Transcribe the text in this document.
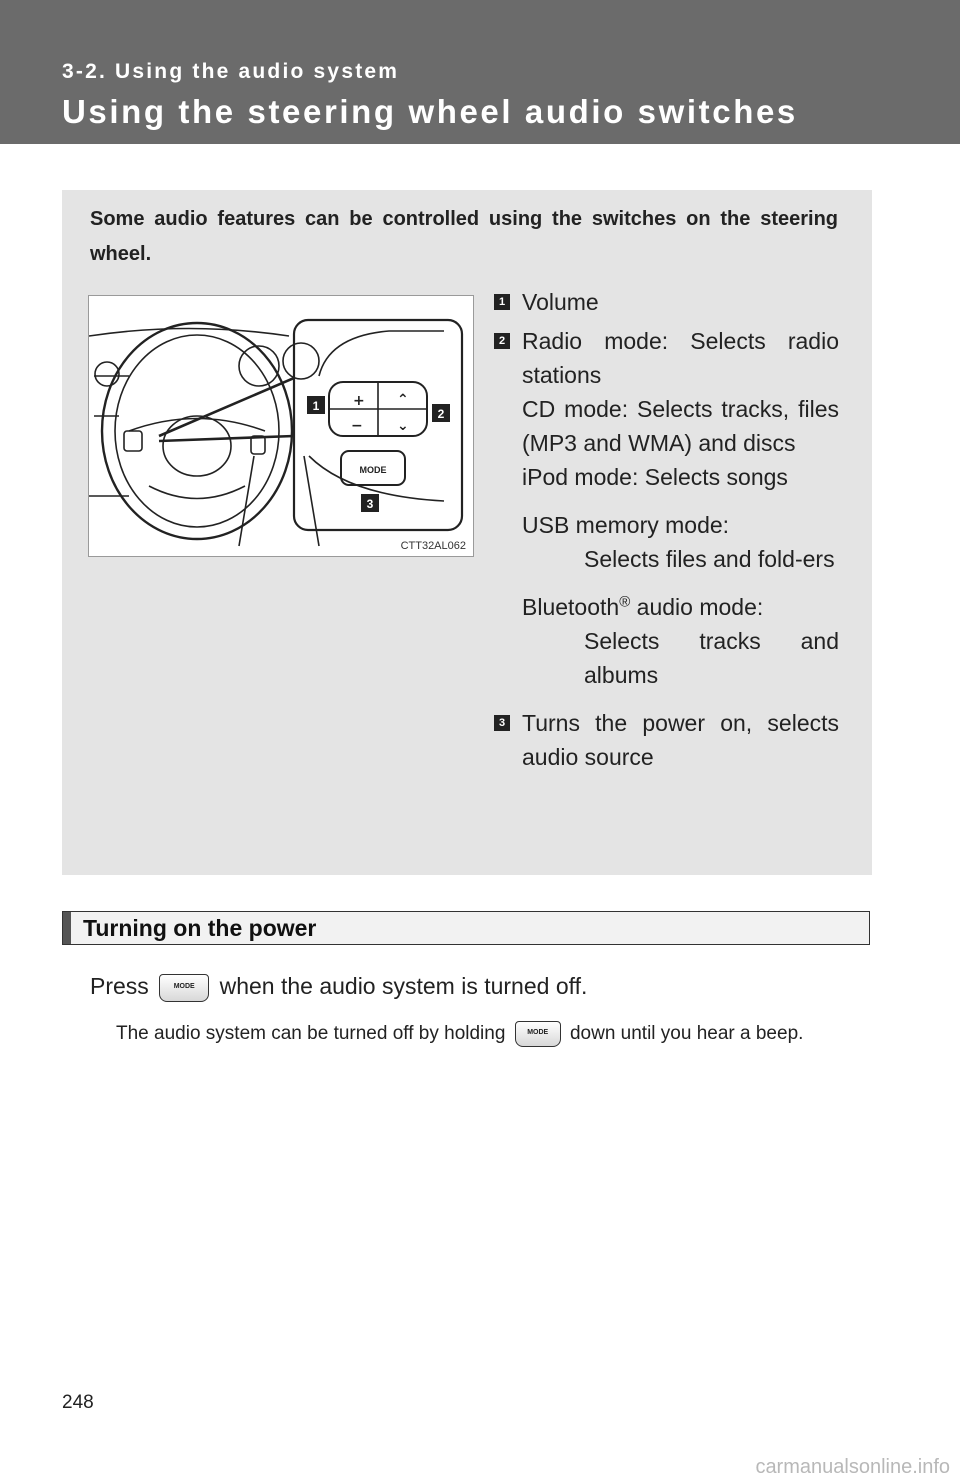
3-2. Using the audio system
Using the steering wheel audio switches
Some audio features can be controlled using the switches on the steering wheel.
+
−
⌃
⌄
MODE
1
2
3
CTT32AL062
1 Volume

2 Radio mode: Selects radio stations

CD mode: Selects tracks, files (MP3 and WMA) and discs

iPod mode: Selects songs

USB memory mode:

Selects files and fold-ers

Bluetooth® audio mode:

Selects tracks and albums

3 Turns the power on, selects audio source

Turning on the power
Press	MODE when the audio system is turned off.
The audio system can be turned off by holding	MODE down until you hear a beep.
248
carmanualsonline.info
